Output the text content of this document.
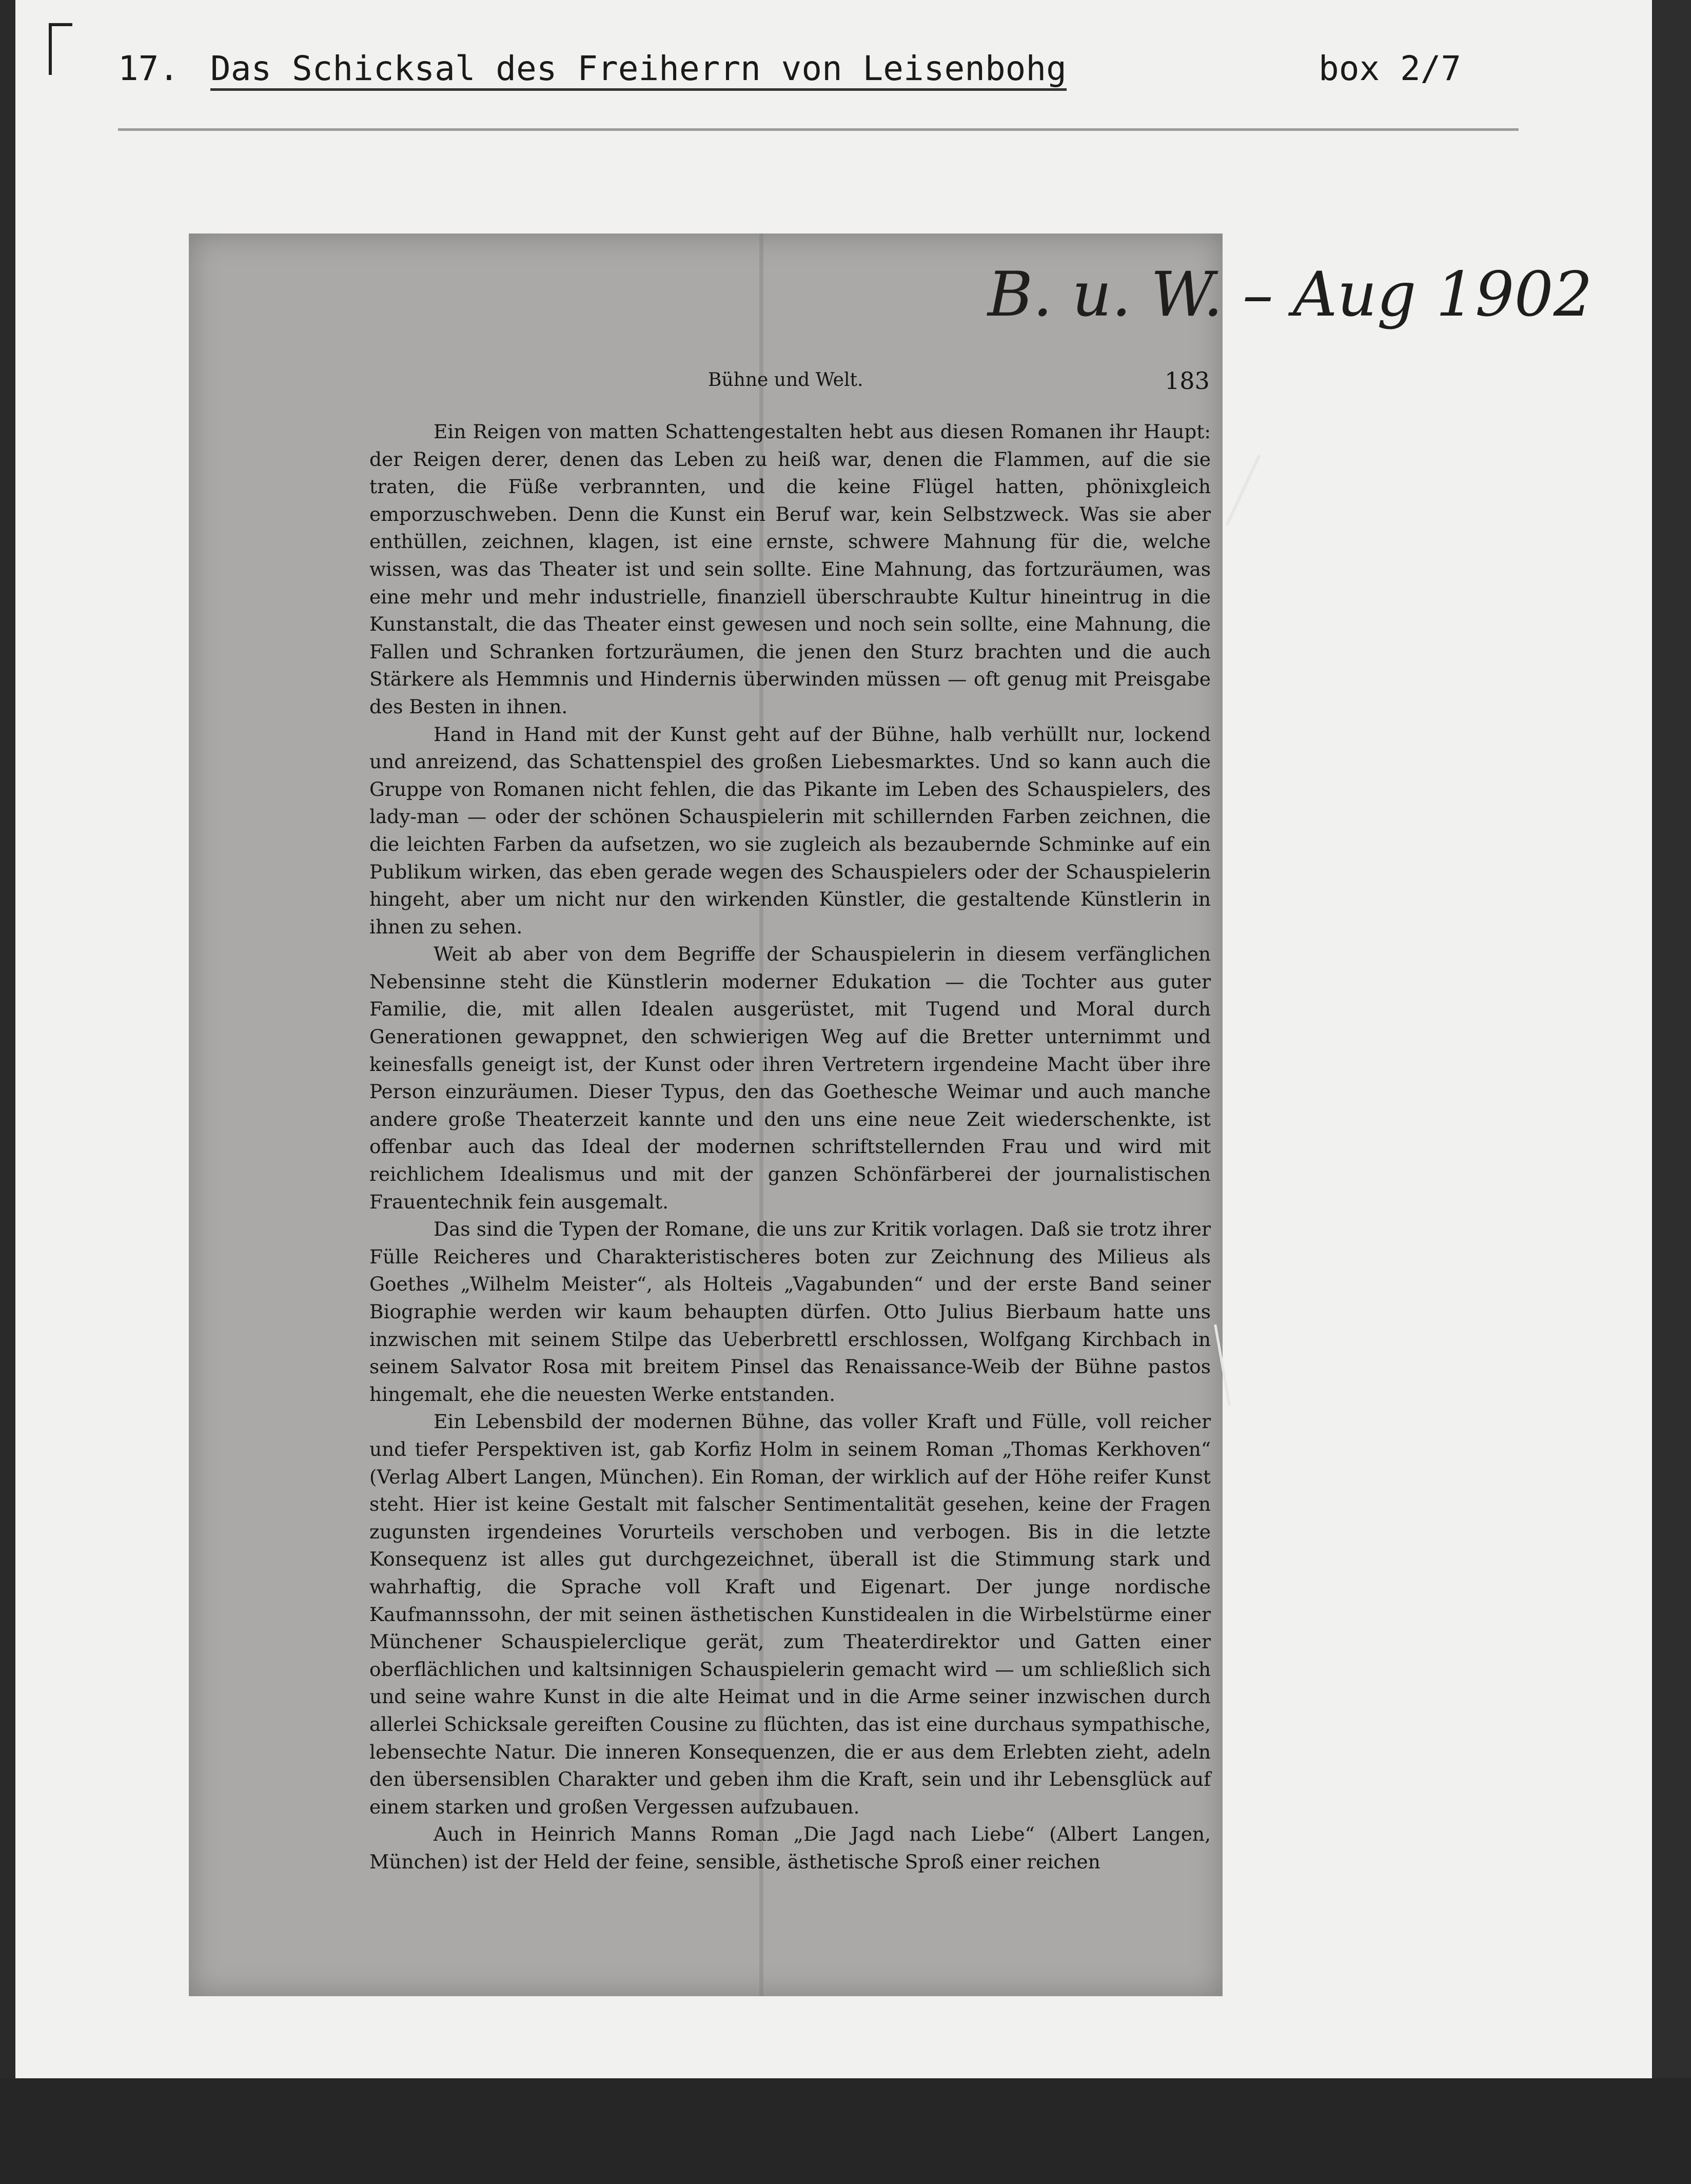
17. Das Schicksal des Freiherrn von Leisenbohg	box 2/7
B. u. W. – Aug 1902
Bühne und Welt.	183

Ein Reigen von matten Schattengestalten hebt aus diesen Romanen ihr Haupt: der Reigen derer, denen das Leben zu heiß war, denen die Flammen, auf die sie traten, die Füße verbrannten, und die keine Flügel hatten, phönixgleich emporzuschweben. Denn die Kunst ein Beruf war, kein Selbstzweck. Was sie aber enthüllen, zeichnen, klagen, ist eine ernste, schwere Mahnung für die, welche wissen, was das Theater ist und sein sollte. Eine Mahnung, das fortzuräumen, was eine mehr und mehr industrielle, finanziell überschraubte Kultur hineintrug in die Kunstanstalt, die das Theater einst gewesen und noch sein sollte, eine Mahnung, die Fallen und Schranken fortzuräumen, die jenen den Sturz brachten und die auch Stärkere als Hemmnis und Hindernis überwinden müssen — oft genug mit Preisgabe des Besten in ihnen.

Hand in Hand mit der Kunst geht auf der Bühne, halb verhüllt nur, lockend und anreizend, das Schattenspiel des großen Liebesmarktes. Und so kann auch die Gruppe von Romanen nicht fehlen, die das Pikante im Leben des Schauspielers, des lady-man — oder der schönen Schauspielerin mit schillernden Farben zeichnen, die die leichten Farben da aufsetzen, wo sie zugleich als bezaubernde Schminke auf ein Publikum wirken, das eben gerade wegen des Schauspielers oder der Schauspielerin hingeht, aber um nicht nur den wirkenden Künstler, die gestaltende Künstlerin in ihnen zu sehen.

Weit ab aber von dem Begriffe der Schauspielerin in diesem verfänglichen Nebensinne steht die Künstlerin moderner Edukation — die Tochter aus guter Familie, die, mit allen Idealen ausgerüstet, mit Tugend und Moral durch Generationen gewappnet, den schwierigen Weg auf die Bretter unternimmt und keinesfalls geneigt ist, der Kunst oder ihren Vertretern irgendeine Macht über ihre Person einzuräumen. Dieser Typus, den das Goethesche Weimar und auch manche andere große Theaterzeit kannte und den uns eine neue Zeit wiederschenkte, ist offenbar auch das Ideal der modernen schriftstellernden Frau und wird mit reichlichem Idealismus und mit der ganzen Schönfärberei der journalistischen Frauentechnik fein ausgemalt.

Das sind die Typen der Romane, die uns zur Kritik vorlagen. Daß sie trotz ihrer Fülle Reicheres und Charakteristischeres boten zur Zeichnung des Milieus als Goethes „Wilhelm Meister“, als Holteis „Vagabunden“ und der erste Band seiner Biographie werden wir kaum behaupten dürfen. Otto Julius Bierbaum hatte uns inzwischen mit seinem Stilpe das Ueberbrettl erschlossen, Wolfgang Kirchbach in seinem Salvator Rosa mit breitem Pinsel das Renaissance-Weib der Bühne pastos hingemalt, ehe die neuesten Werke entstanden.

Ein Lebensbild der modernen Bühne, das voller Kraft und Fülle, voll reicher und tiefer Perspektiven ist, gab Korfiz Holm in seinem Roman „Thomas Kerkhoven“ (Verlag Albert Langen, München). Ein Roman, der wirklich auf der Höhe reifer Kunst steht. Hier ist keine Gestalt mit falscher Sentimentalität gesehen, keine der Fragen zugunsten irgendeines Vorurteils verschoben und verbogen. Bis in die letzte Konsequenz ist alles gut durchgezeichnet, überall ist die Stimmung stark und wahrhaftig, die Sprache voll Kraft und Eigenart. Der junge nordische Kaufmannssohn, der mit seinen ästhetischen Kunstidealen in die Wirbelstürme einer Münchener Schauspielerclique gerät, zum Theaterdirektor und Gatten einer oberflächlichen und kaltsinnigen Schauspielerin gemacht wird — um schließlich sich und seine wahre Kunst in die alte Heimat und in die Arme seiner inzwischen durch allerlei Schicksale gereiften Cousine zu flüchten, das ist eine durchaus sympathische, lebensechte Natur. Die inneren Konsequenzen, die er aus dem Erlebten zieht, adeln den übersensiblen Charakter und geben ihm die Kraft, sein und ihr Lebensglück auf einem starken und großen Vergessen aufzubauen.

Auch in Heinrich Manns Roman „Die Jagd nach Liebe“ (Albert Langen, München) ist der Held der feine, sensible, ästhetische Sproß einer reichen
